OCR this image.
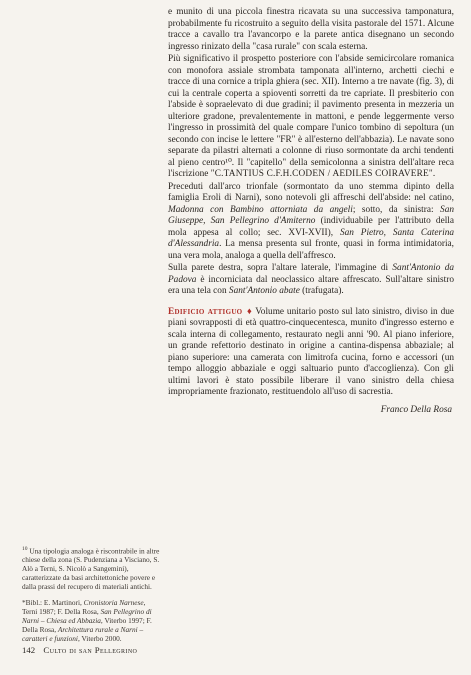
e munito di una piccola finestra ricavata su una successiva tamponatura, probabilmente fu ricostruito a seguito della visita pastorale del 1571. Alcune tracce a cavallo tra l'avancorpo e la parete antica disegnano un secondo ingresso rinizato della "casa rurale" con scala esterna.

Più significativo il prospetto posteriore con l'abside semicircolare romanica con monofora assiale strombata tamponata all'interno, archetti ciechi e tracce di una cornice a tripla ghiera (sec. XII). Interno a tre navate (fig. 3), di cui la centrale coperta a spioventi sorretti da tre capriate. Il presbiterio con l'abside è sopraelevato di due gradini; il pavimento presenta in mezzeria un ulteriore gradone, prevalentemente in mattoni, e pende leggermente verso l'ingresso in prossimità del quale compare l'unico tombino di sepoltura (un secondo con incise le lettere "FR" è all'esterno dell'abbazia). Le navate sono separate da pilastri alternati a colonne di riuso sormontate da archi tendenti al pieno centro¹⁰. Il "capitello" della semicolonna a sinistra dell'altare reca l'iscrizione "C.TANTIUS C.F.H.CODEN / AEDILES COIRAVERE".

Preceduti dall'arco trionfale (sormontato da uno stemma dipinto della famiglia Eroli di Narni), sono notevoli gli affreschi dell'abside: nel catino, Madonna con Bambino attorniata da angeli; sotto, da sinistra: San Giuseppe, San Pellegrino d'Amiterno (individuabile per l'attributo della mola appesa al collo; sec. XVI-XVII), San Pietro, Santa Caterina d'Alessandria. La mensa presenta sul fronte, quasi in forma intimidatoria, una vera mola, analoga a quella dell'affresco.

Sulla parete destra, sopra l'altare laterale, l'immagine di Sant'Antonio da Padova è incorniciata dal neoclassico altare affrescato. Sull'altare sinistro era una tela con Sant'Antonio abate (trafugata).

Edificio attiguo ♦ Volume unitario posto sul lato sinistro, diviso in due piani sovrapposti di età quattro-cinquecentesca, munito d'ingresso esterno e scala interna di collegamento, restaurato negli anni '90. Al piano inferiore, un grande refettorio destinato in origine a cantina-dispensa abbaziale; al piano superiore: una camerata con limitrofa cucina, forno e accessori (un tempo alloggio abbaziale e oggi saltuario punto d'accoglienza). Con gli ultimi lavori è stato possibile liberare il vano sinistro della chiesa impropriamente frazionato, restituendolo all'uso di sacrestia.

Franco Della Rosa

$^{10}$ Una tipologia analoga è riscontrabile in altre chiese della zona (S. Pudenziana a Visciano, S. Alò a Terni, S. Nicolò a Sangemini), caratterizzate da basi architettoniche povere e dalla prassi del recupero di materiali antichi.

*Bibl.: E. Martinori, Cronistoria Narnese, Terni 1987; F. Della Rosa, San Pellegrino di Narni – Chiesa ed Abbazia, Viterbo 1997; F. Della Rosa, Architettura rurale a Narni – caratteri e funzioni, Viterbo 2000.

142 Culto di san Pellegrino
